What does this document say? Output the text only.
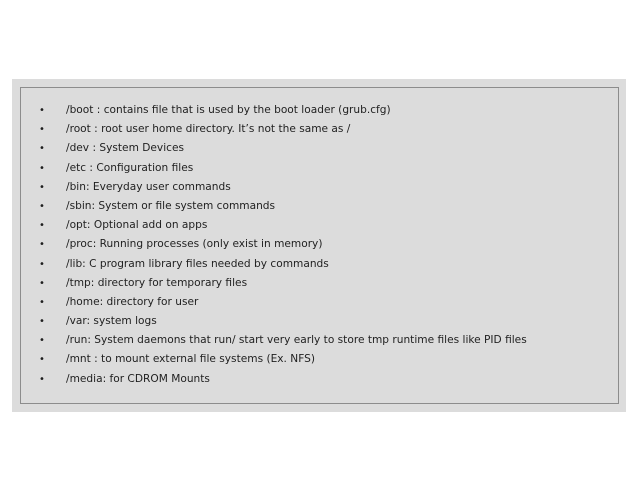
• /boot : contains file that is used by the boot loader (grub.cfg)
• /root : root user home directory. It’s not the same as /
• /dev : System Devices
• /etc : Configuration files
• /bin: Everyday user commands
• /sbin: System or file system commands
• /opt: Optional add on apps
• /proc: Running processes (only exist in memory)
• /lib: C program library files needed by commands
• /tmp: directory for temporary files
• /home: directory for user
• /var: system logs
• /run: System daemons that run/ start very early to store tmp runtime files like PID files
• /mnt : to mount external file systems (Ex. NFS)
• /media: for CDROM Mounts
